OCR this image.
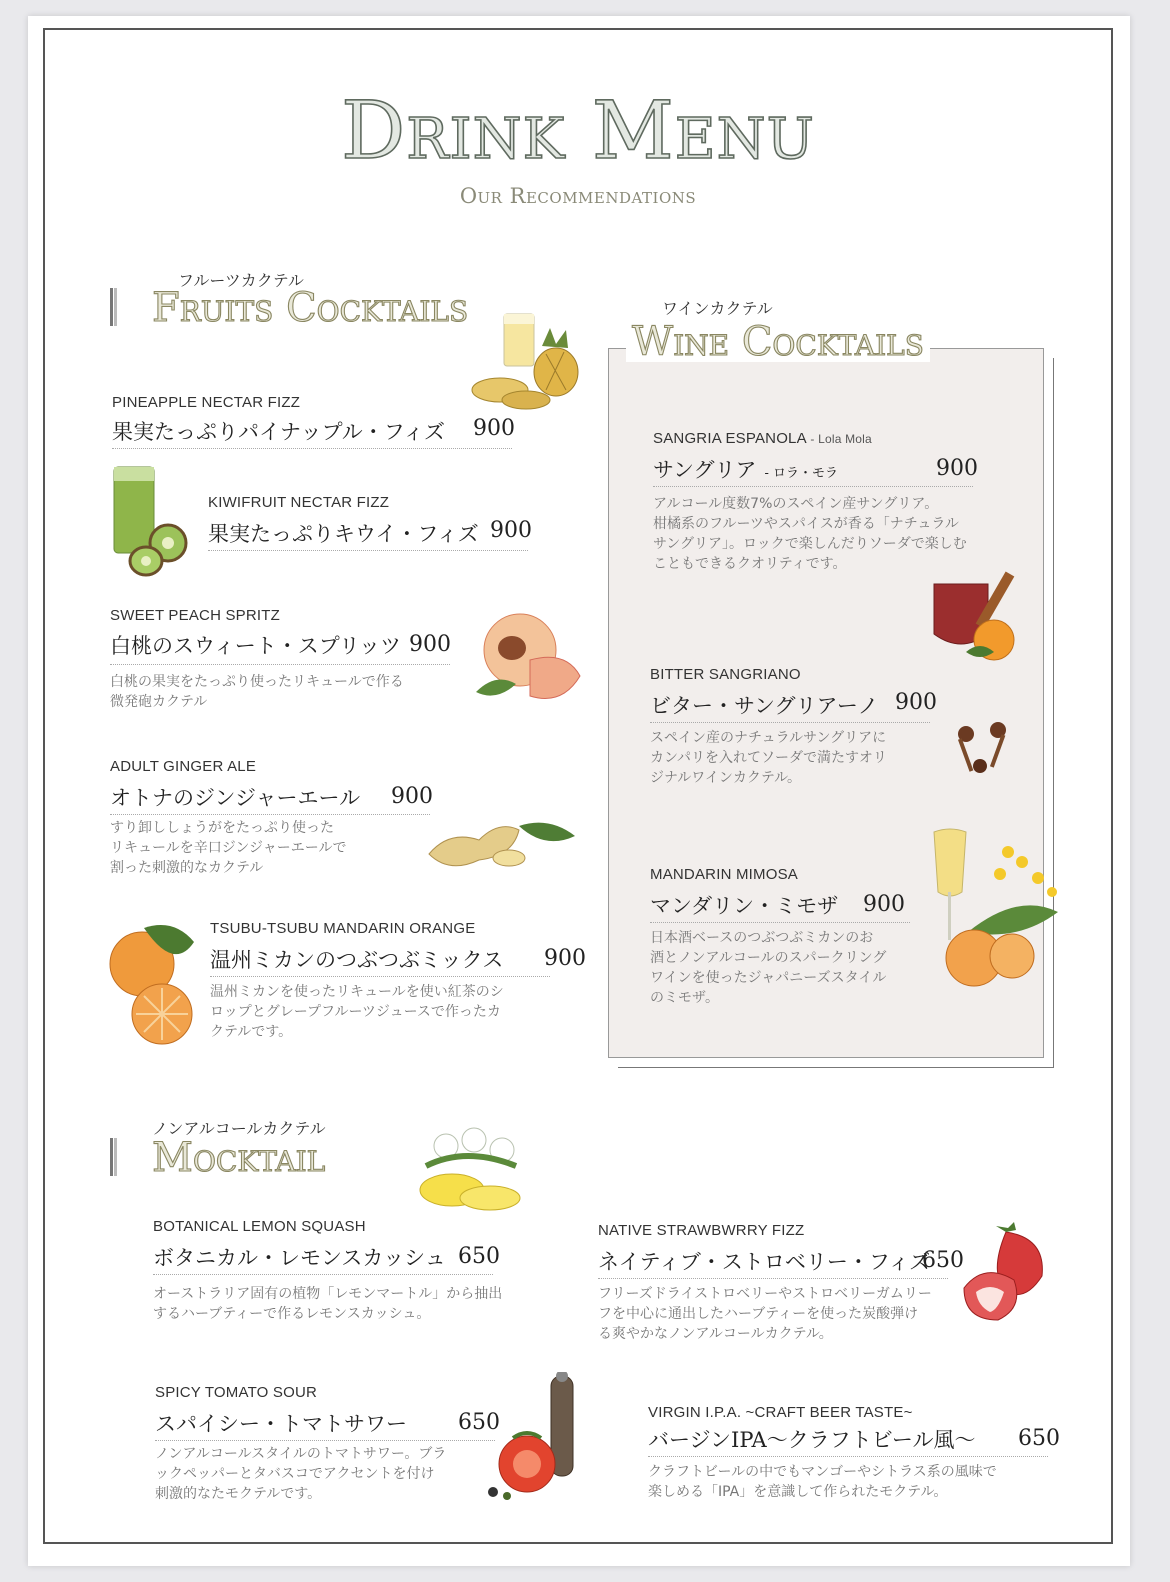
Drink Menu
Our Recommendations
フルーツカクテル
Fruits Cocktails
PINEAPPLE NECTAR FIZZ
果実たっぷりパイナップル・フィズ 900
KIWIFRUIT NECTAR FIZZ
果実たっぷりキウイ・フィズ 900
SWEET PEACH SPRITZ
白桃のスウィート・スプリッツ 900
白桃の果実をたっぷり使ったリキュールで作る
微発砲カクテル
ADULT GINGER ALE
オトナのジンジャーエール 900
すり卸ししょうがをたっぷり使った
リキュールを辛口ジンジャーエールで
割った刺激的なカクテル
TSUBU-TSUBU MANDARIN ORANGE
温州ミカンのつぶつぶミックス 900
温州ミカンを使ったリキュールを使い紅茶のシ
ロップとグレープフルーツジュースで作ったカ
クテルです。
ワインカクテル
Wine Cocktails
SANGRIA ESPANOLA - Lola Mola
サングリア - ロラ・モラ	900
アルコール度数7%のスペイン産サングリア。
柑橘系のフルーツやスパイスが香る「ナチュラル
サングリア」。ロックで楽しんだりソーダで楽しむ
こともできるクオリティです。
BITTER SANGRIANO
ビター・サングリアーノ 900
スペイン産のナチュラルサングリアに
カンパリを入れてソーダで満たすオリ
ジナルワインカクテル。
MANDARIN MIMOSA
マンダリン・ミモザ 900
日本酒ベースのつぶつぶミカンのお
酒とノンアルコールのスパークリング
ワインを使ったジャパニーズスタイル
のミモザ。
ノンアルコールカクテル
Mocktail
BOTANICAL LEMON SQUASH
ボタニカル・レモンスカッシュ 650
オーストラリア固有の植物「レモンマートル」から抽出
するハーブティーで作るレモンスカッシュ。
NATIVE STRAWBWRRY FIZZ
ネイティブ・ストロベリー・フィズ
650
フリーズドライストロベリーやストロベリーガムリー
フを中心に通出したハーブティーを使った炭酸弾け
る爽やかなノンアルコールカクテル。
SPICY TOMATO SOUR
スパイシー・トマトサワー 650
ノンアルコールスタイルのトマトサワー。ブラ
ックペッパーとタバスコでアクセントを付け
刺激的なたモクテルです。
VIRGIN I.P.A. ~CRAFT BEER TASTE~
バージンIPA～クラフトビール風～ 650
クラフトビールの中でもマンゴーやシトラス系の風味で
楽しめる「IPA」を意識して作られたモクテル。
